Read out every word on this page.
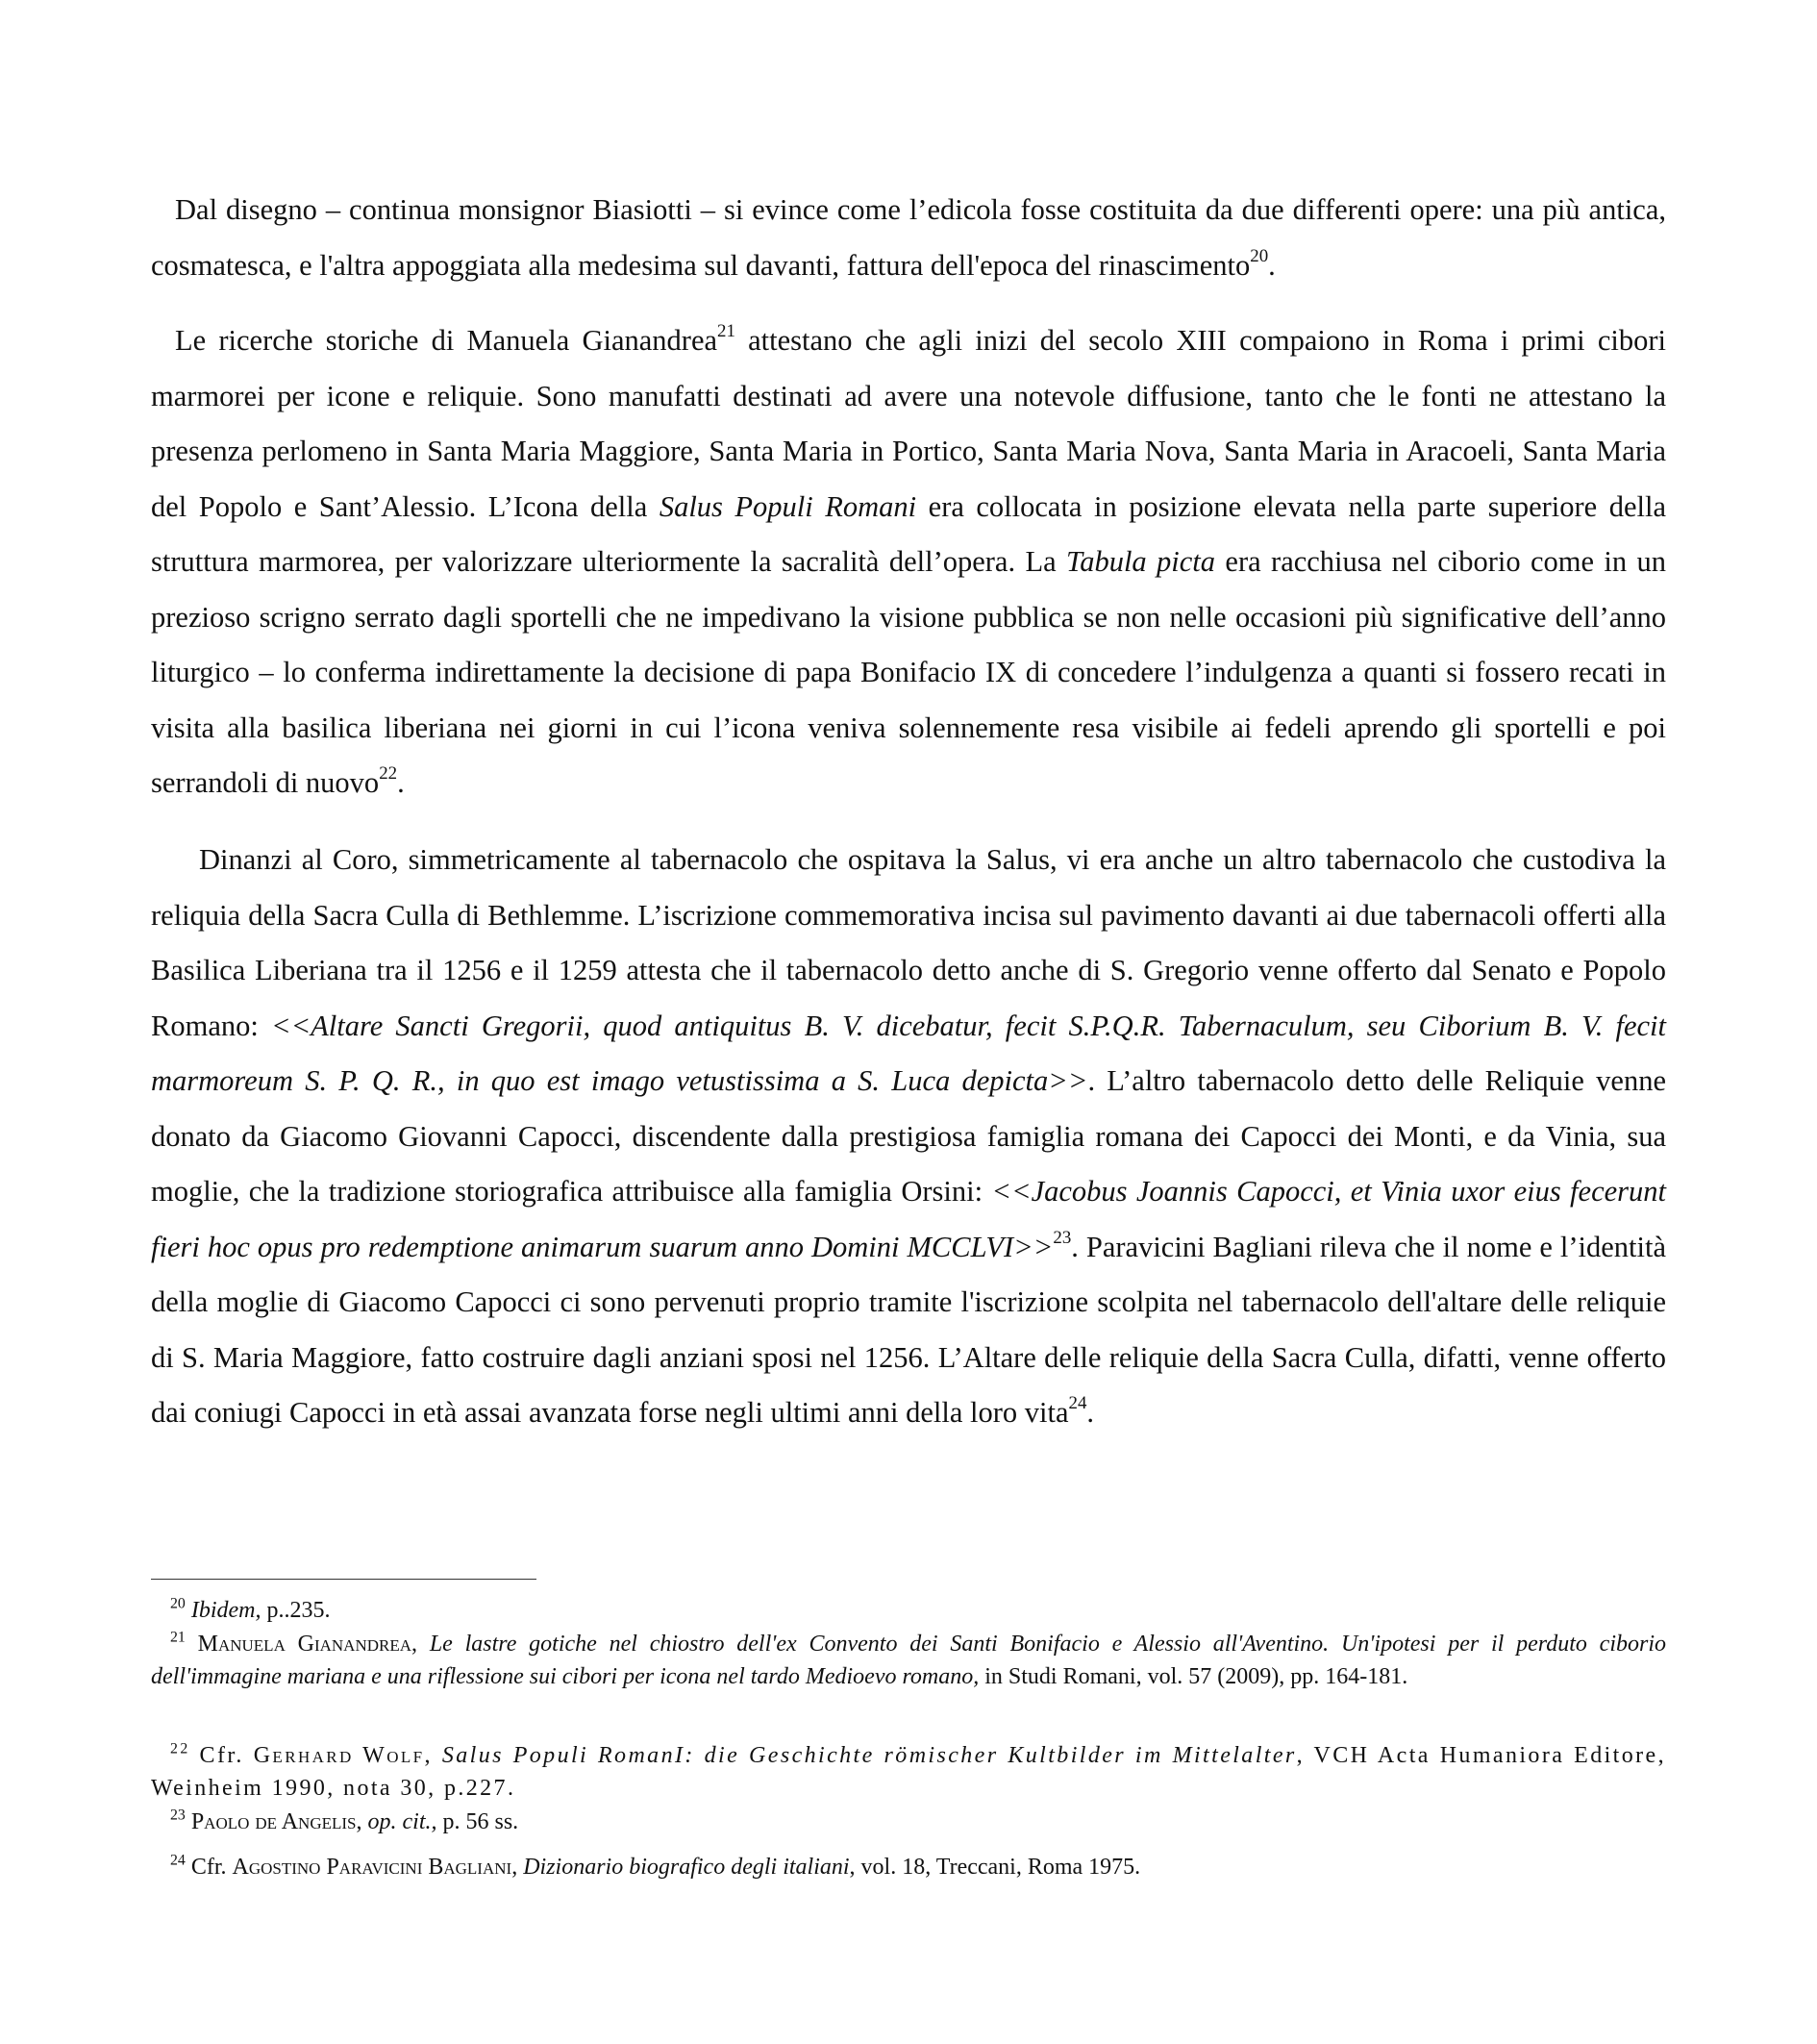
Dal disegno – continua monsignor Biasiotti – si evince come l’edicola fosse costituita da due differenti opere: una più antica, cosmatesca, e l'altra appoggiata alla medesima sul davanti, fattura dell'epoca del rinascimento$^{20}$.

Le ricerche storiche di Manuela Gianandrea$^{21}$ attestano che agli inizi del secolo XIII compaiono in Roma i primi cibori marmorei per icone e reliquie. Sono manufatti destinati ad avere una notevole diffusione, tanto che le fonti ne attestano la presenza perlomeno in Santa Maria Maggiore, Santa Maria in Portico, Santa Maria Nova, Santa Maria in Aracoeli, Santa Maria del Popolo e Sant’Alessio. L’Icona della Salus Populi Romani era collocata in posizione elevata nella parte superiore della struttura marmorea, per valorizzare ulteriormente la sacralità dell’opera. La Tabula picta era racchiusa nel ciborio come in un prezioso scrigno serrato dagli sportelli che ne impedivano la visione pubblica se non nelle occasioni più significative dell’anno liturgico – lo conferma indirettamente la decisione di papa Bonifacio IX di concedere l’indulgenza a quanti si fossero recati in visita alla basilica liberiana nei giorni in cui l’icona veniva solennemente resa visibile ai fedeli aprendo gli sportelli e poi serrandoli di nuovo$^{22}$.

Dinanzi al Coro, simmetricamente al tabernacolo che ospitava la Salus, vi era anche un altro tabernacolo che custodiva la reliquia della Sacra Culla di Bethlemme. L’iscrizione commemorativa incisa sul pavimento davanti ai due tabernacoli offerti alla Basilica Liberiana tra il 1256 e il 1259 attesta che il tabernacolo detto anche di S. Gregorio venne offerto dal Senato e Popolo Romano: <<Altare Sancti Gregorii, quod antiquitus B. V. dicebatur, fecit S.P.Q.R. Tabernaculum, seu Ciborium B. V. fecit marmoreum S. P. Q. R., in quo est imago vetustissima a S. Luca depicta>>. L’altro tabernacolo detto delle Reliquie venne donato da Giacomo Giovanni Capocci, discendente dalla prestigiosa famiglia romana dei Capocci dei Monti, e da Vinia, sua moglie, che la tradizione storiografica attribuisce alla famiglia Orsini: <<Jacobus Joannis Capocci, et Vinia uxor eius fecerunt fieri hoc opus pro redemptione animarum suarum anno Domini MCCLVI>>$^{23}$. Paravicini Bagliani rileva che il nome e l’identità della moglie di Giacomo Capocci ci sono pervenuti proprio tramite l'iscrizione scolpita nel tabernacolo dell'altare delle reliquie di S. Maria Maggiore, fatto costruire dagli anziani sposi nel 1256. L’Altare delle reliquie della Sacra Culla, difatti, venne offerto dai coniugi Capocci in età assai avanzata forse negli ultimi anni della loro vita$^{24}$.

$^{20}$ Ibidem, p..235.

$^{21}$ Manuela Gianandrea, Le lastre gotiche nel chiostro dell'ex Convento dei Santi Bonifacio e Alessio all'Aventino. Un'ipotesi per il perduto ciborio dell'immagine mariana e una riflessione sui cibori per icona nel tardo Medioevo romano, in Studi Romani, vol. 57 (2009), pp. 164-181.

$^{22}$ Cfr. Gerhard Wolf, Salus Populi RomanI: die Geschichte römischer Kultbilder im Mittelalter, VCH Acta Humaniora Editore, Weinheim 1990, nota 30, p.227.

$^{23}$ Paolo de Angelis, op. cit., p. 56 ss.

$^{24}$ Cfr. Agostino Paravicini Bagliani, Dizionario biografico degli italiani, vol. 18, Treccani, Roma 1975.
